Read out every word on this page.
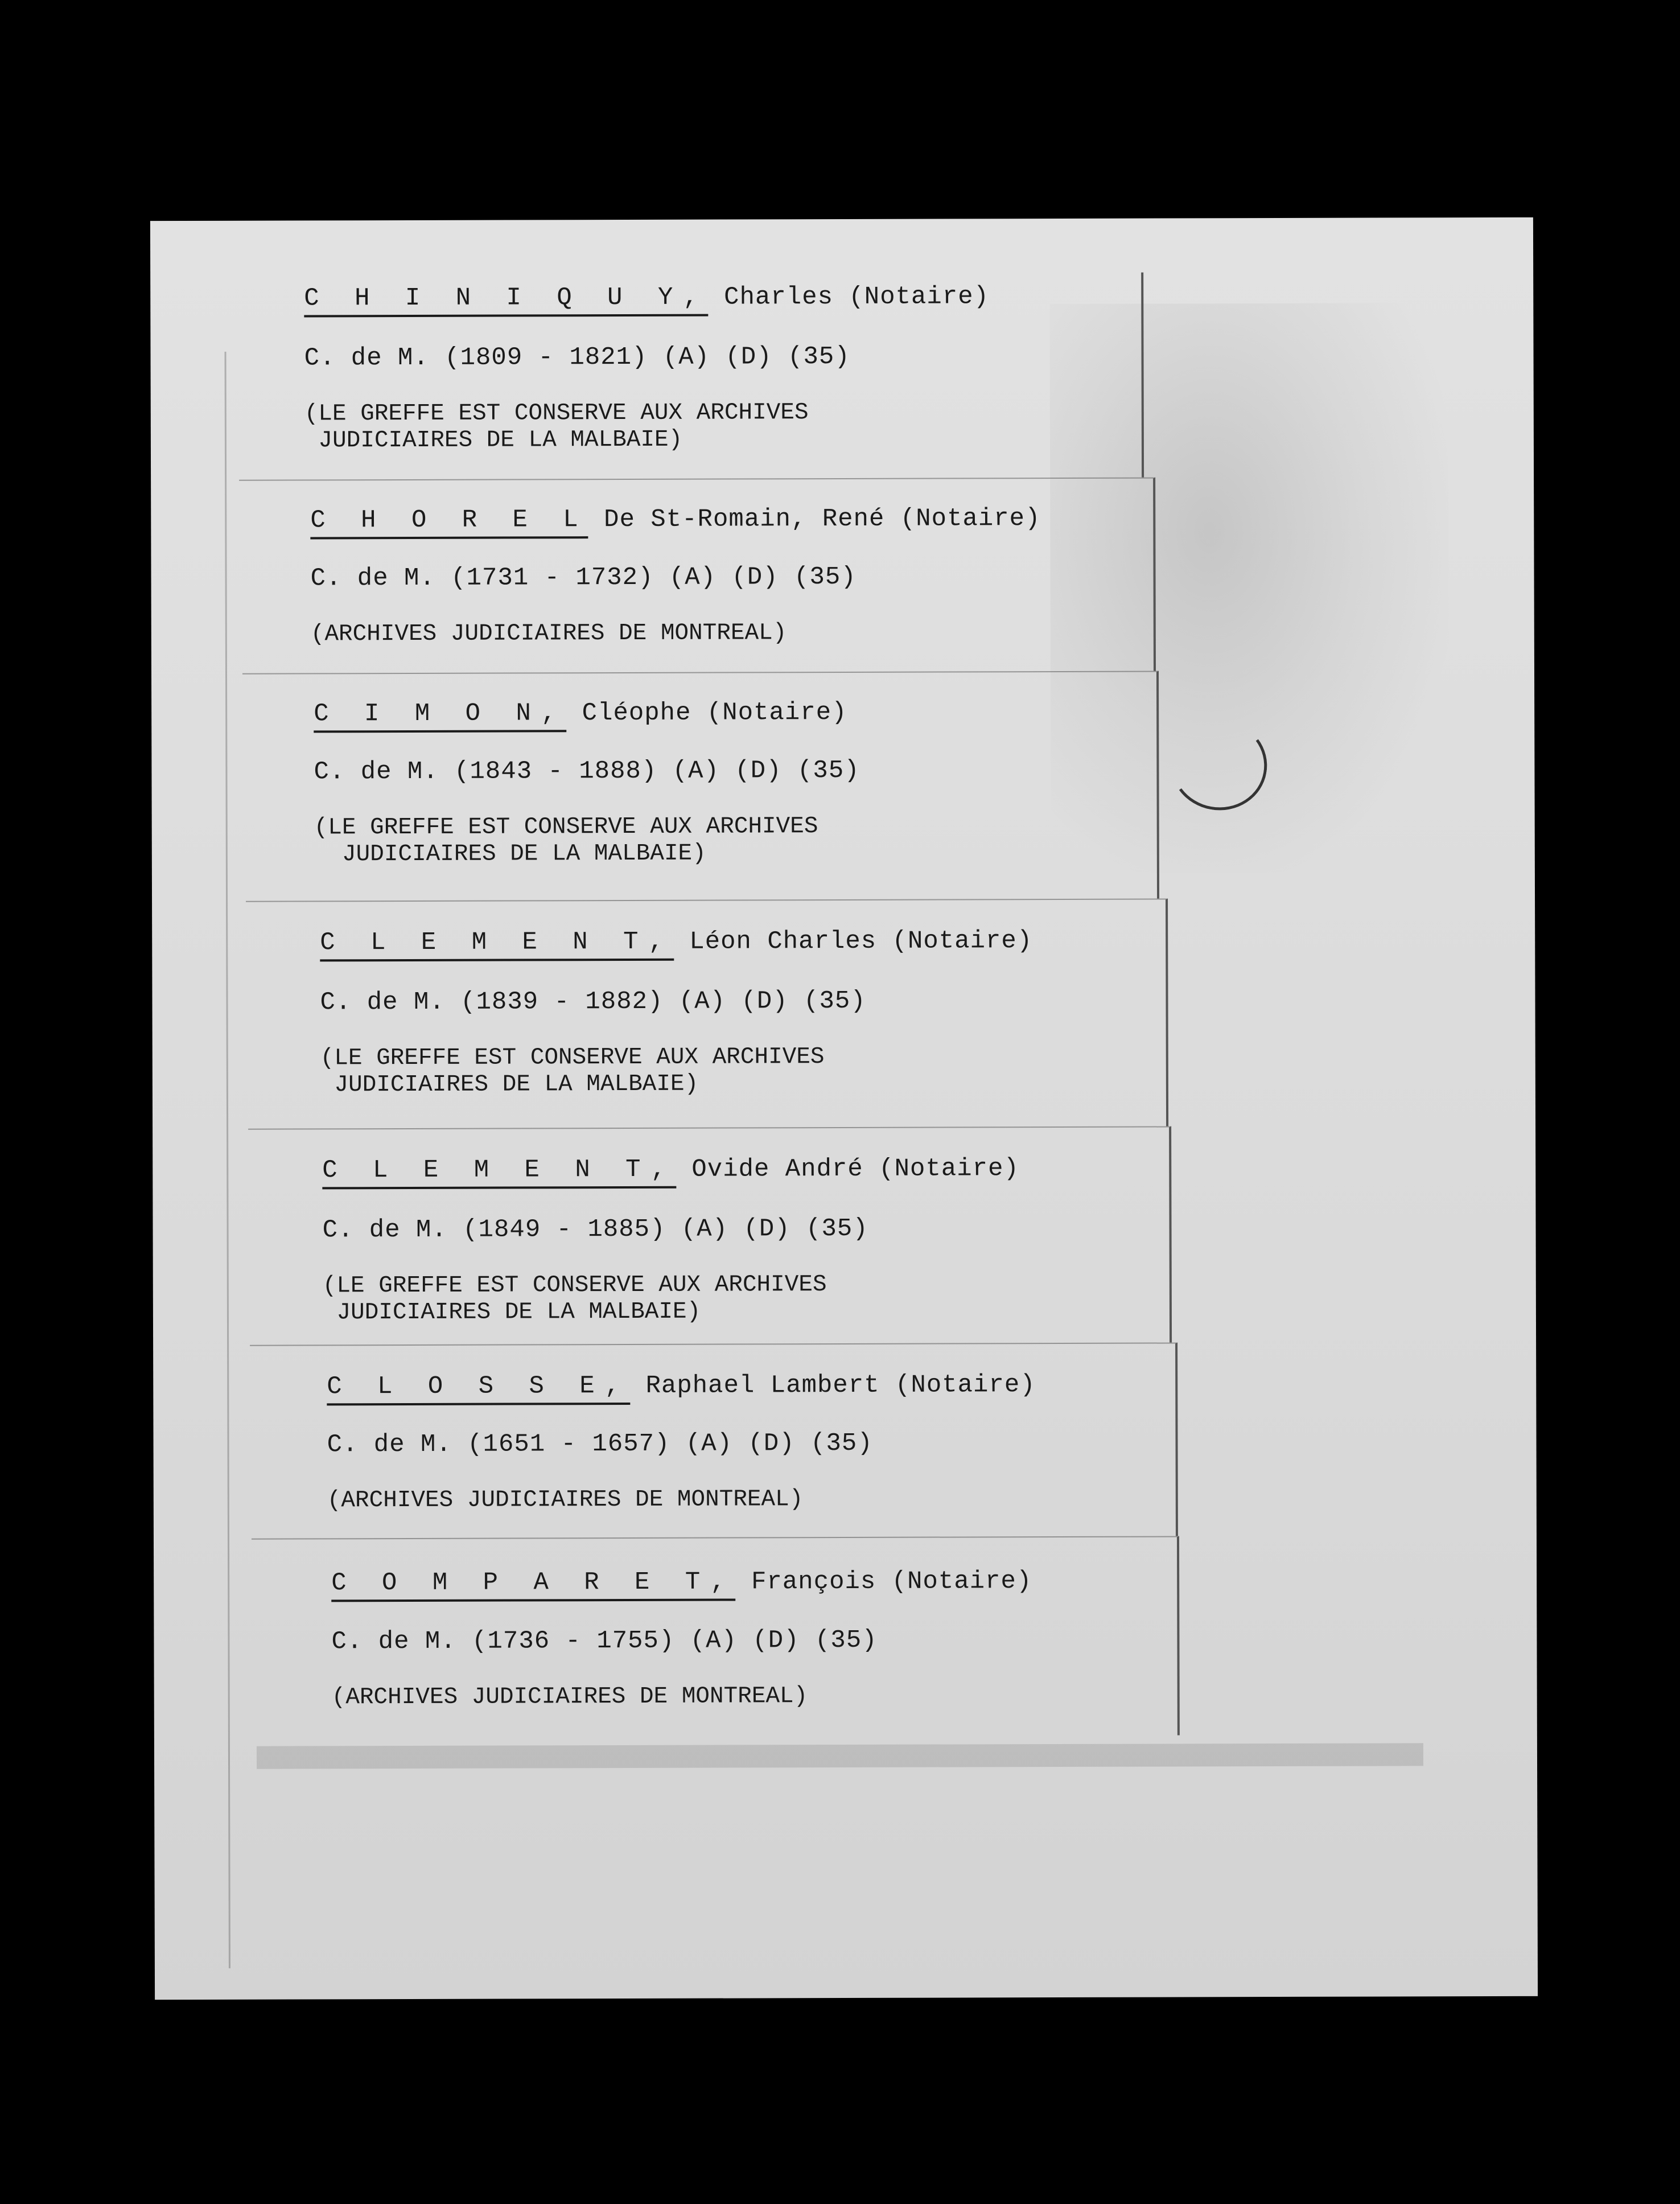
C H I N I Q U Y, Charles (Notaire)
C. de M. (1809 - 1821) (A) (D) (35)
(LE GREFFE EST CONSERVE AUX ARCHIVES
JUDICIAIRES DE LA MALBAIE)
C H O R E L De St-Romain, René (Notaire)
C. de M. (1731 - 1732) (A) (D) (35)
(ARCHIVES JUDICIAIRES DE MONTREAL)
C I M O N, Cléophe (Notaire)
C. de M. (1843 - 1888) (A) (D) (35)
(LE GREFFE EST CONSERVE AUX ARCHIVES
JUDICIAIRES DE LA MALBAIE)
C L E M E N T, Léon Charles (Notaire)
C. de M. (1839 - 1882) (A) (D) (35)
(LE GREFFE EST CONSERVE AUX ARCHIVES
JUDICIAIRES DE LA MALBAIE)
C L E M E N T, Ovide André (Notaire)
C. de M. (1849 - 1885) (A) (D) (35)
(LE GREFFE EST CONSERVE AUX ARCHIVES
JUDICIAIRES DE LA MALBAIE)
C L O S S E, Raphael Lambert (Notaire)
C. de M. (1651 - 1657) (A) (D) (35)
(ARCHIVES JUDICIAIRES DE MONTREAL)
C O M P A R E T, François (Notaire)
C. de M. (1736 - 1755) (A) (D) (35)
(ARCHIVES JUDICIAIRES DE MONTREAL)
